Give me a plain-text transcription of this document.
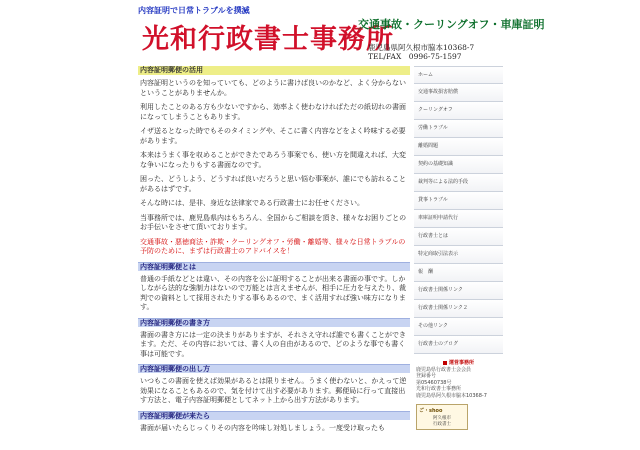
内容証明で日常トラブルを撲滅
光和行政書士事務所
交通事故・クーリングオフ・車庫証明
鹿児島県阿久根市脇本10368-7
TEL/FAX　0996-75-1597
内容証明郵便の活用

内容証明というのを知っていても、どのように書けば良いのかなど、よく分からないということがありませんか。

利用したことのある方も少ないですから、効率よく使わなければただの紙切れの書面になってしまうこともあります。

イザ送るとなった時でもそのタイミングや、そこに書く内容などをよく吟味する必要があります。

本来はうまく事を収めることができたであろう事案でも、使い方を間違えれば、大変な争いになったりもする書面なのです。

困った、どうしよう、どうすれば良いだろうと思い悩む事案が、誰にでも訪れることがあるはずです。

そんな時には、是非、身近な法律家である行政書士にお任せください。

当事務所では、鹿児島県内はもちろん、全国からご相談を頂き、様々なお困りごとのお手伝いをさせて頂いております。

交通事故・悪徳商法・詐欺・クーリングオフ・労働・離婚等、様々な日常トラブルの予防のために、まずは行政書士のアドバイスを！

内容証明郵便とは

普通の手紙などとは違い、その内容を公に証明することが出来る書面の事です。しかしながら法的な強制力はないので万能とは言えませんが、相手に圧力を与えたり、裁判での資料として採用されたりする事もあるので、まく活用すれば強い味方になります。

内容証明郵便の書き方

書面の書き方には一定の決まりがありますが、それさえ守れば誰でも書くことができます。ただ、その内容においては、書く人の自由があるので、どのような事でも書く事は可能です。

内容証明郵便の出し方

いつもこの書面を使えば効果があるとは限りません。うまく使わないと、かえって逆効果になることもあるので、気を付けて出す必要があります。郵便局に行って直接出す方法と、電子内容証明郵便としてネット上から出す方法があります。

内容証明郵便が来たら

書面が届いたらじっくりその内容を吟味し対処しましょう。一度受け取ったも

ホーム
交通事故損害賠償
クーリングオフ
労働トラブル
離婚問題
契約の基礎知識
裁判等による法的手段
貸事トラブル
車庫証明申請代行
行政書士とは
特定商取引法表示
報　酬
行政書士関係リンク
行政書士関係リンク２
その他リンク
行政書士のブログ
運営事務所
鹿児島県行政書士会会員
登録番号
第05460738号
光和行政書士事務所
鹿児島県阿久根市脇本10368-7
ご・shoo
阿久根市
行政書士
